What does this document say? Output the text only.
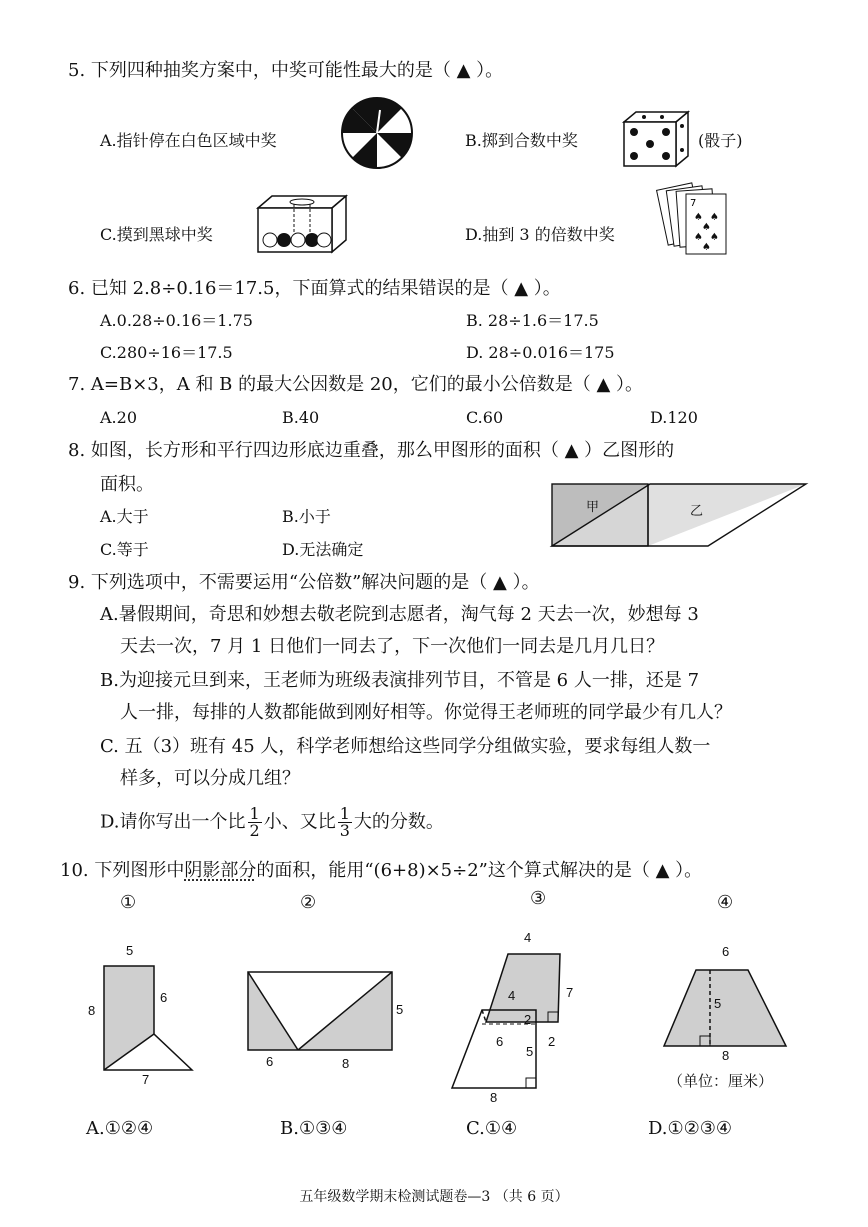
5. 下列四种抽奖方案中，中奖可能性最大的是（ ▲ ）。
A.指针停在白色区域中奖	B.掷到合数中奖	(骰子)
C.摸到黑球中奖	D.抽到 3 的倍数中奖
7
♠ ♠
♠
♠ ♠
♠
6. 已知 2.8÷0.16＝17.5，下面算式的结果错误的是（ ▲ ）。
A.0.28÷0.16＝1.75	B. 28÷1.6＝17.5
C.280÷16＝17.5	D. 28÷0.016＝175
7. A=B×3，A 和 B 的最大公因数是 20，它们的最小公倍数是（ ▲ ）。
A.20	B.40	C.60	D.120
8. 如图，长方形和平行四边形底边重叠，那么甲图形的面积（ ▲ ）乙图形的
面积。
A.大于	B.小于
C.等于	D.无法确定
甲	乙
9. 下列选项中，不需要运用“公倍数”解决问题的是（ ▲ ）。
A.暑假期间，奇思和妙想去敬老院到志愿者，淘气每 2 天去一次，妙想每 3
天去一次，7 月 1 日他们一同去了，下一次他们一同去是几月几日？
B.为迎接元旦到来，王老师为班级表演排列节目，不管是 6 人一排，还是 7
人一排，每排的人数都能做到刚好相等。你觉得王老师班的同学最少有几人？
C. 五（3）班有 45 人，科学老师想给这些同学分组做实验，要求每组人数一
样多，可以分成几组？
D.请你写出一个比 $\frac{1}{2}$ 小、又比 $\frac{1}{3}$ 大的分数。
10. 下列图形中阴影部分的面积，能用“(6+8)×5÷2”这个算式解决的是（ ▲ ）。
①	②	③	④
5
8
6
7
5
6	8
4
4	7
2
2
6
5
8
6
5
8
（单位：厘米）
A.①②④	B.①③④	C.①④	D.①②③④
五年级数学期末检测试题卷—3 （共 6 页）
